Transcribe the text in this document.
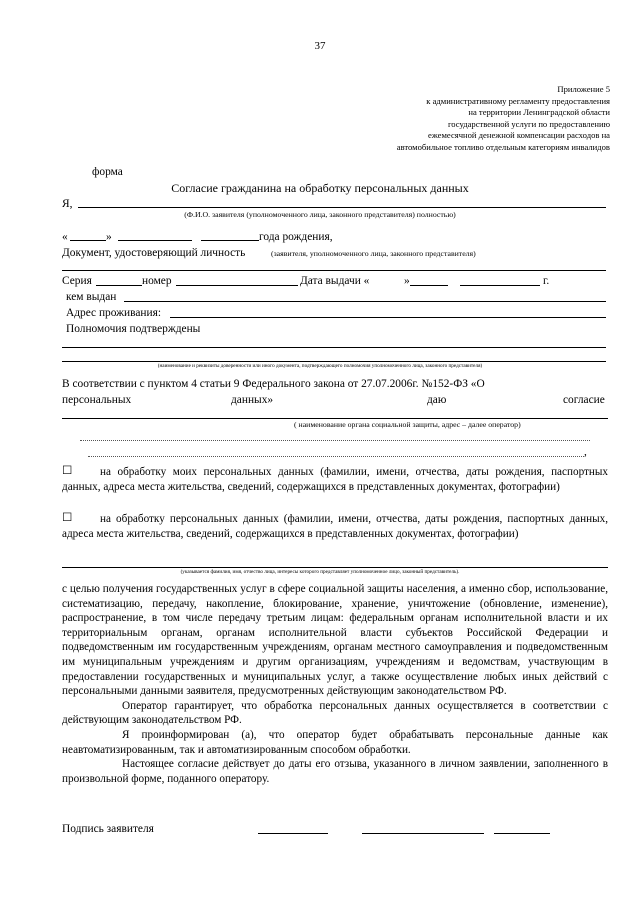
37
Приложение 5
к административному регламенту предоставления
на территории Ленинградской области
государственной услуги по предоставлению
ежемесячной денежной компенсации расходов на
автомобильное топливо отдельным категориям инвалидов
форма
Согласие гражданина на обработку персональных данных
Я,
(Ф.И.О. заявителя (уполномоченного лица, законного представителя) полностью)
«	»	года рождения,
Документ, удостоверяющий личность	(заявителя, уполномоченного лица, законного представителя)
Серия	номер	Дата выдачи «	»	г.
кем выдан
Адрес проживания:
Полномочия подтверждены
(наименование и реквизиты доверенности или иного документа, подтверждающего полномочия уполномоченного лица, законного представителя)
В соответствии с пунктом 4 статьи 9 Федерального закона от 27.07.2006г. №152-ФЗ «О
персональных	данных»	даю	согласие
( наименование органа социальной защиты, адрес – далее оператор)
,
☐ на обработку моих персональных данных (фамилии, имени, отчества, даты рождения, паспортных данных, адреса места жительства, сведений, содержащихся в представленных документах, фотографии)
☐ на обработку персональных данных (фамилии, имени, отчества, даты рождения, паспортных данных, адреса места жительства, сведений, содержащихся в представленных документах, фотографии)
(указывается фамилия, имя, отчество лица, интересы которого представляет уполномоченное лицо, законный представитель).
с целью получения государственных услуг в сфере социальной защиты населения, а именно сбор, использование, систематизацию, передачу, накопление, блокирование, хранение, уничтожение (обновление, изменение), распространение, в том числе передачу третьим лицам: федеральным органам исполнительной власти и их территориальным органам, органам исполнительной власти субъектов Российской Федерации и подведомственным им государственным учреждениям, органам местного самоуправления и подведомственным им муниципальным учреждениям и другим организациям, учреждениям и ведомствам, участвующим в предоставлении государственных и муниципальных услуг, а также осуществление любых иных действий с персональными данными заявителя, предусмотренных действующим законодательством РФ.
Оператор гарантирует, что обработка персональных данных осуществляется в соответствии с действующим законодательством РФ.
Я проинформирован (а), что оператор будет обрабатывать персональные данные как неавтоматизированным, так и автоматизированным способом обработки.
Настоящее согласие действует до даты его отзыва, указанного в личном заявлении, заполненного в произвольной форме, поданного оператору.
Подпись заявителя
